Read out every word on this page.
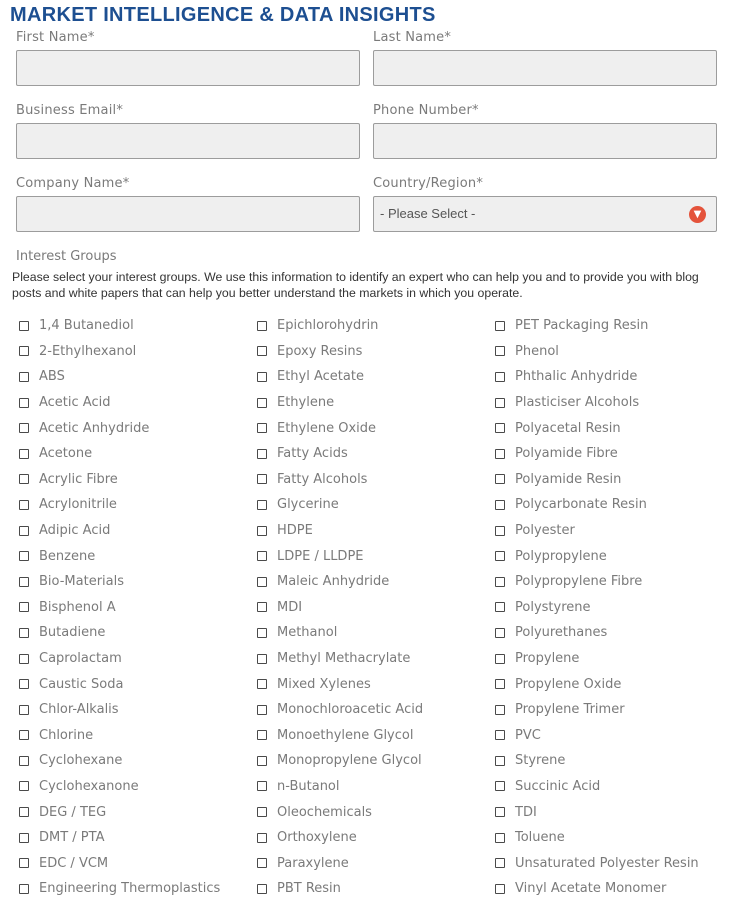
MARKET INTELLIGENCE & DATA INSIGHTS
First Name*	Last Name*
Business Email*	Phone Number*
Company Name*	Country/Region*
- Please Select -	▼
Interest Groups
Please select your interest groups. We use this information to identify an expert who can help you and to provide you with blog posts and white papers that can help you better understand the markets in which you operate.
1,4 Butanediol
2-Ethylhexanol
ABS
Acetic Acid
Acetic Anhydride
Acetone
Acrylic Fibre
Acrylonitrile
Adipic Acid
Benzene
Bio-Materials
Bisphenol A
Butadiene
Caprolactam
Caustic Soda
Chlor-Alkalis
Chlorine
Cyclohexane
Cyclohexanone
DEG / TEG
DMT / PTA
EDC / VCM
Engineering Thermoplastics
Epichlorohydrin
Epoxy Resins
Ethyl Acetate
Ethylene
Ethylene Oxide
Fatty Acids
Fatty Alcohols
Glycerine
HDPE
LDPE / LLDPE
Maleic Anhydride
MDI
Methanol
Methyl Methacrylate
Mixed Xylenes
Monochloroacetic Acid
Monoethylene Glycol
Monopropylene Glycol
n-Butanol
Oleochemicals
Orthoxylene
Paraxylene
PBT Resin
PET Packaging Resin
Phenol
Phthalic Anhydride
Plasticiser Alcohols
Polyacetal Resin
Polyamide Fibre
Polyamide Resin
Polycarbonate Resin
Polyester
Polypropylene
Polypropylene Fibre
Polystyrene
Polyurethanes
Propylene
Propylene Oxide
Propylene Trimer
PVC
Styrene
Succinic Acid
TDI
Toluene
Unsaturated Polyester Resin
Vinyl Acetate Monomer
